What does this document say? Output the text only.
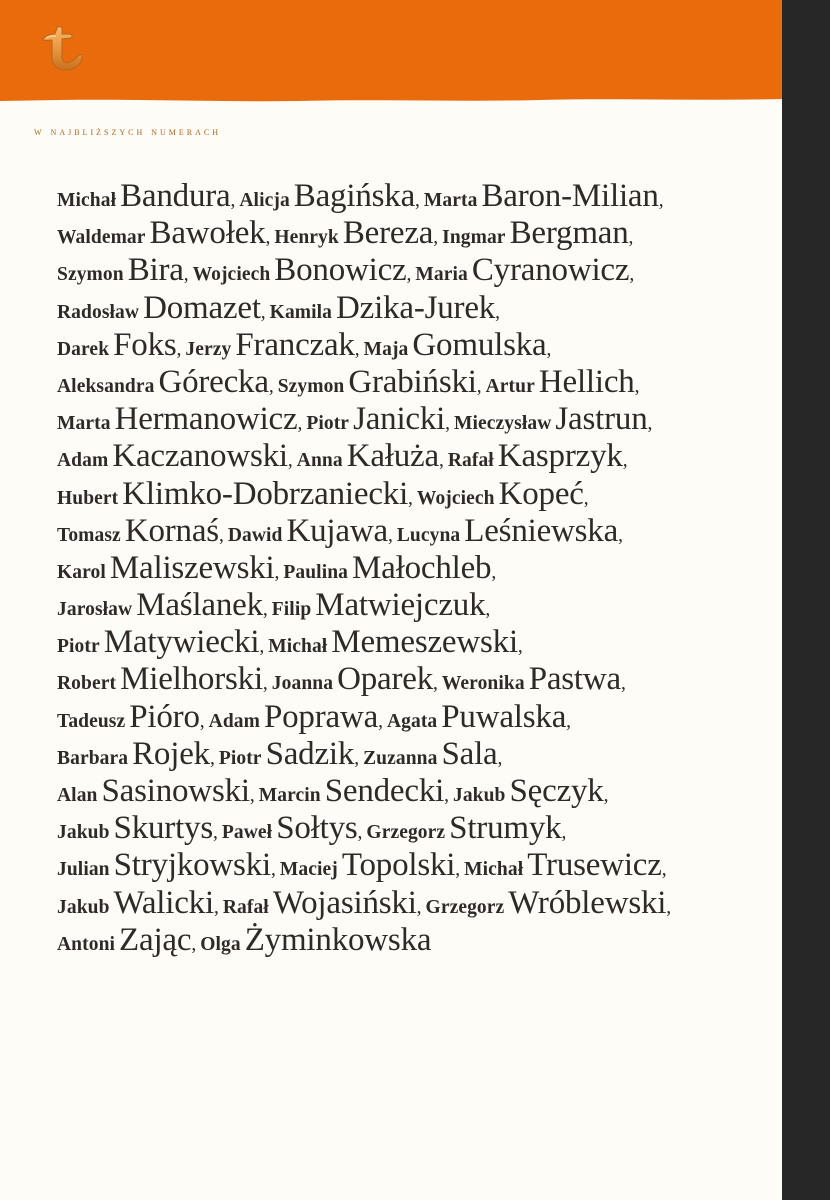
w najbliższych numerach
Michał Bandura, Alicja Bagińska, Marta Baron-Milian,
Waldemar Bawołek, Henryk Bereza, Ingmar Bergman,
Szymon Bira, Wojciech Bonowicz, Maria Cyranowicz,
Radosław Domazet, Kamila Dzika-Jurek,
Darek Foks, Jerzy Franczak, Maja Gomulska,
Aleksandra Górecka, Szymon Grabiński, Artur Hellich,
Marta Hermanowicz, Piotr Janicki, Mieczysław Jastrun,
Adam Kaczanowski, Anna Kałuża, Rafał Kasprzyk,
Hubert Klimko-Dobrzaniecki, Wojciech Kopeć,
Tomasz Kornaś, Dawid Kujawa, Lucyna Leśniewska,
Karol Maliszewski, Paulina Małochleb,
Jarosław Maślanek, Filip Matwiejczuk,
Piotr Matywiecki, Michał Memeszewski,
Robert Mielhorski, Joanna Oparek, Weronika Pastwa,
Tadeusz Pióro, Adam Poprawa, Agata Puwalska,
Barbara Rojek, Piotr Sadzik, Zuzanna Sala,
Alan Sasinowski, Marcin Sendecki, Jakub Sęczyk,
Jakub Skurtys, Paweł Sołtys, Grzegorz Strumyk,
Julian Stryjkowski, Maciej Topolski, Michał Trusewicz,
Jakub Walicki, Rafał Wojasiński, Grzegorz Wróblewski,
Antoni Zając, Olga Żyminkowska
